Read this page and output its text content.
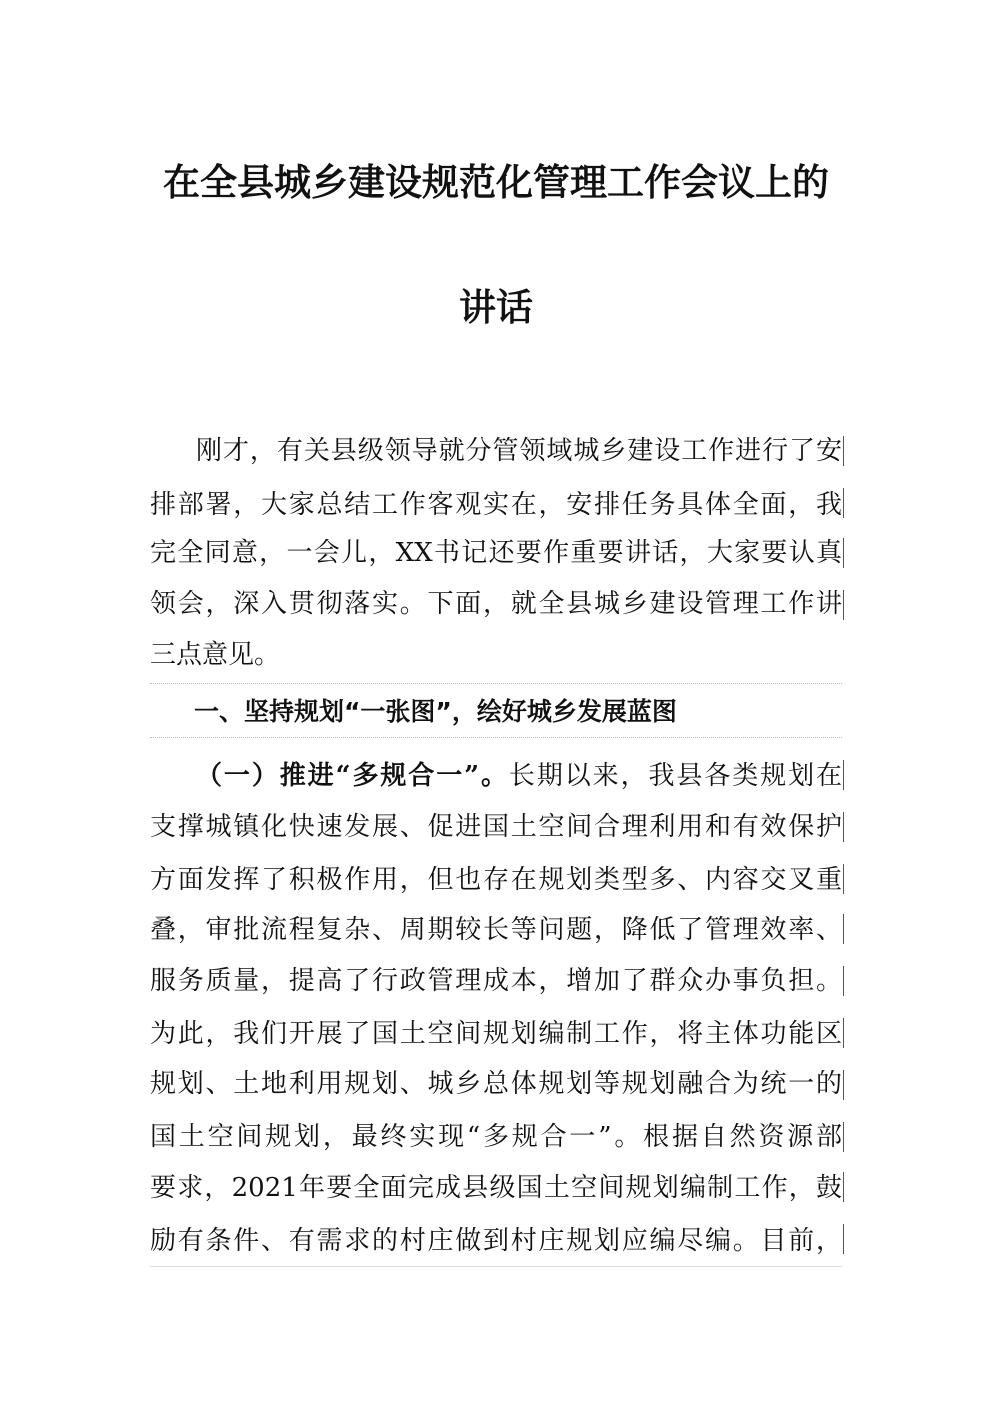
在全县城乡建设规范化管理工作会议上的
讲话

刚才，有关县级领导就分管领域城乡建设工作进行了安

排部署，大家总结工作客观实在，安排任务具体全面，我

完全同意，一会儿，XX书记还要作重要讲话，大家要认真

领会，深入贯彻落实。下面，就全县城乡建设管理工作讲

三点意见。

一、坚持规划“一张图”，绘好城乡发展蓝图

（一）推进“多规合一”。长期以来，我县各类规划在

支撑城镇化快速发展、促进国土空间合理利用和有效保护

方面发挥了积极作用，但也存在规划类型多、内容交叉重

叠，审批流程复杂、周期较长等问题，降低了管理效率、

服务质量，提高了行政管理成本，增加了群众办事负担。

为此，我们开展了国土空间规划编制工作，将主体功能区

规划、土地利用规划、城乡总体规划等规划融合为统一的

国土空间规划，最终实现“多规合一”。根据自然资源部

要求，2021年要全面完成县级国土空间规划编制工作，鼓

励有条件、有需求的村庄做到村庄规划应编尽编。目前，
